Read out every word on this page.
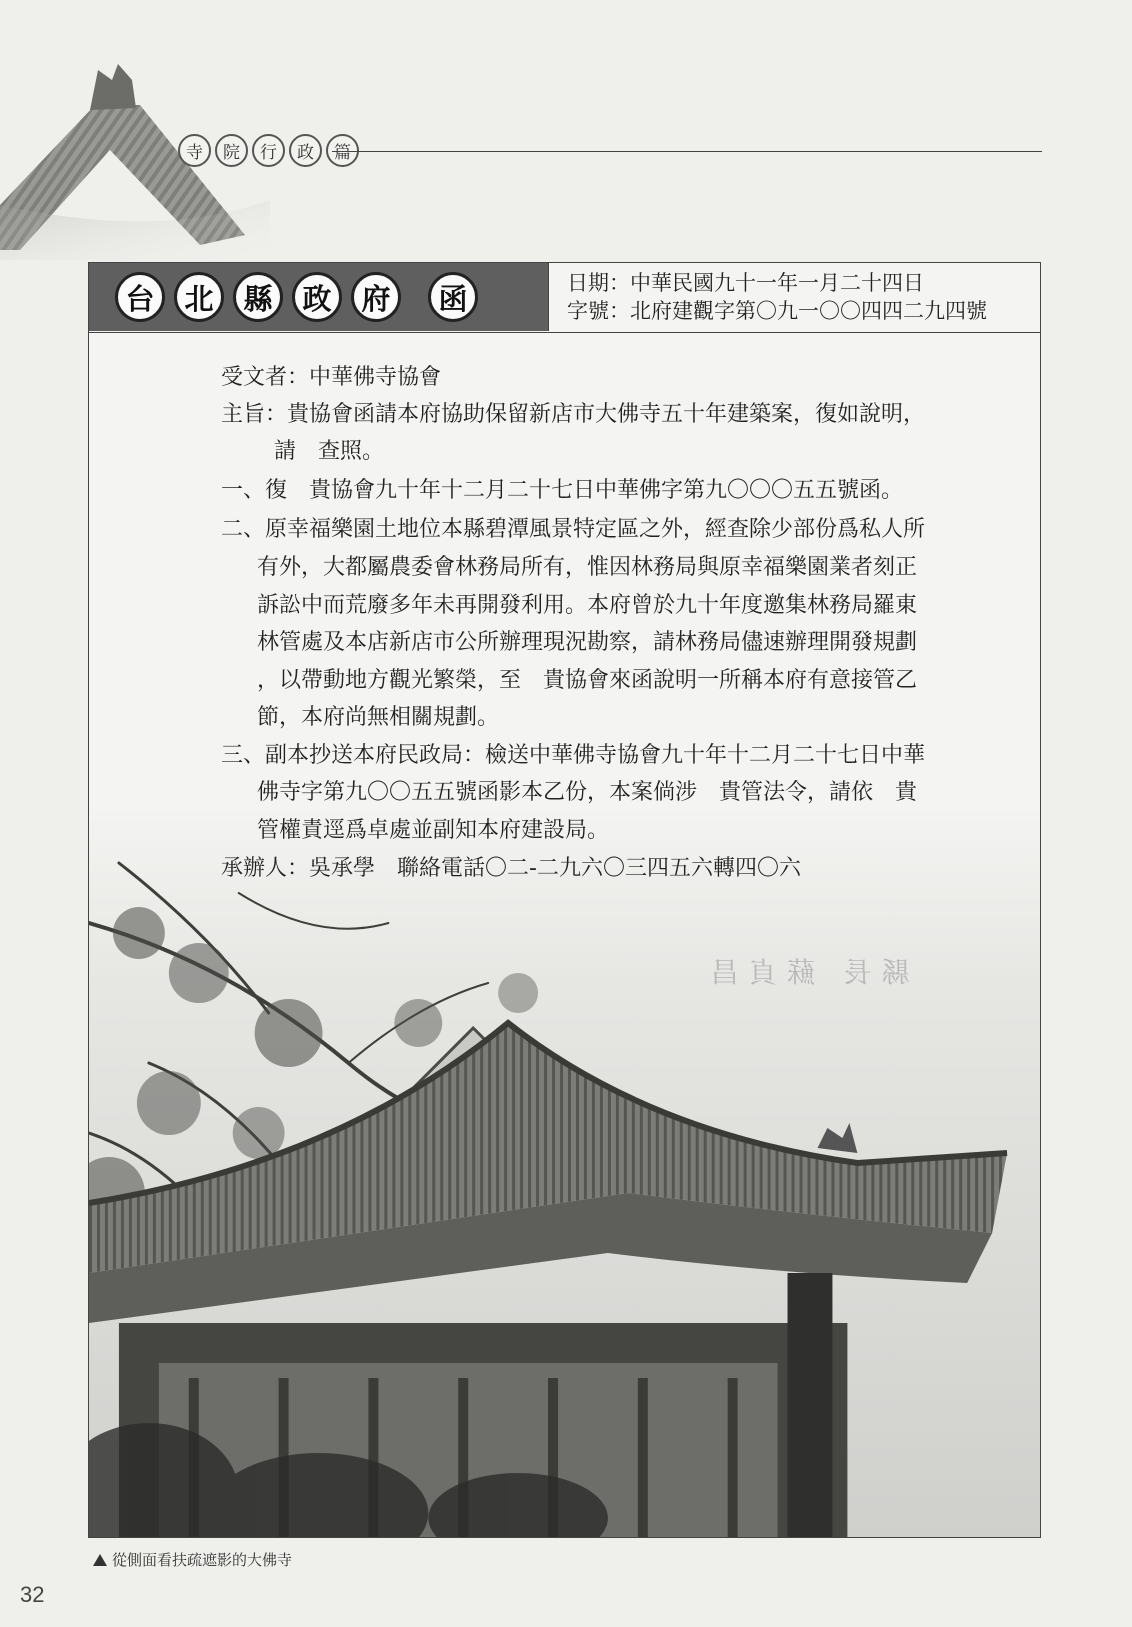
寺	院	行	政	篇
台	北	縣	政	府	函	日期：中華民國九十一年一月二十四日
字號：北府建觀字第〇九一〇〇四四二九四號
縣長 蘇貞昌
受文者：中華佛寺協會
主旨：貴協會函請本府協助保留新店市大佛寺五十年建築案，復如說明，
請　查照。
一、復　貴協會九十年十二月二十七日中華佛字第九〇〇〇五五號函。
二、原幸福樂園土地位本縣碧潭風景特定區之外，經查除少部份爲私人所
有外，大都屬農委會林務局所有，惟因林務局與原幸福樂園業者刻正
訴訟中而荒廢多年未再開發利用。本府曾於九十年度邀集林務局羅東
林管處及本店新店市公所辦理現況勘察，請林務局儘速辦理開發規劃
，以帶動地方觀光繁榮，至　貴協會來函說明一所稱本府有意接管乙
節，本府尚無相關規劃。
三、副本抄送本府民政局：檢送中華佛寺協會九十年十二月二十七日中華
佛寺字第九〇〇五五號函影本乙份，本案倘涉　貴管法令，請依　貴
管權責逕爲卓處並副知本府建設局。
承辦人：吳承學　聯絡電話〇二-二九六〇三四五六轉四〇六
從側面看扶疏遮影的大佛寺
32
